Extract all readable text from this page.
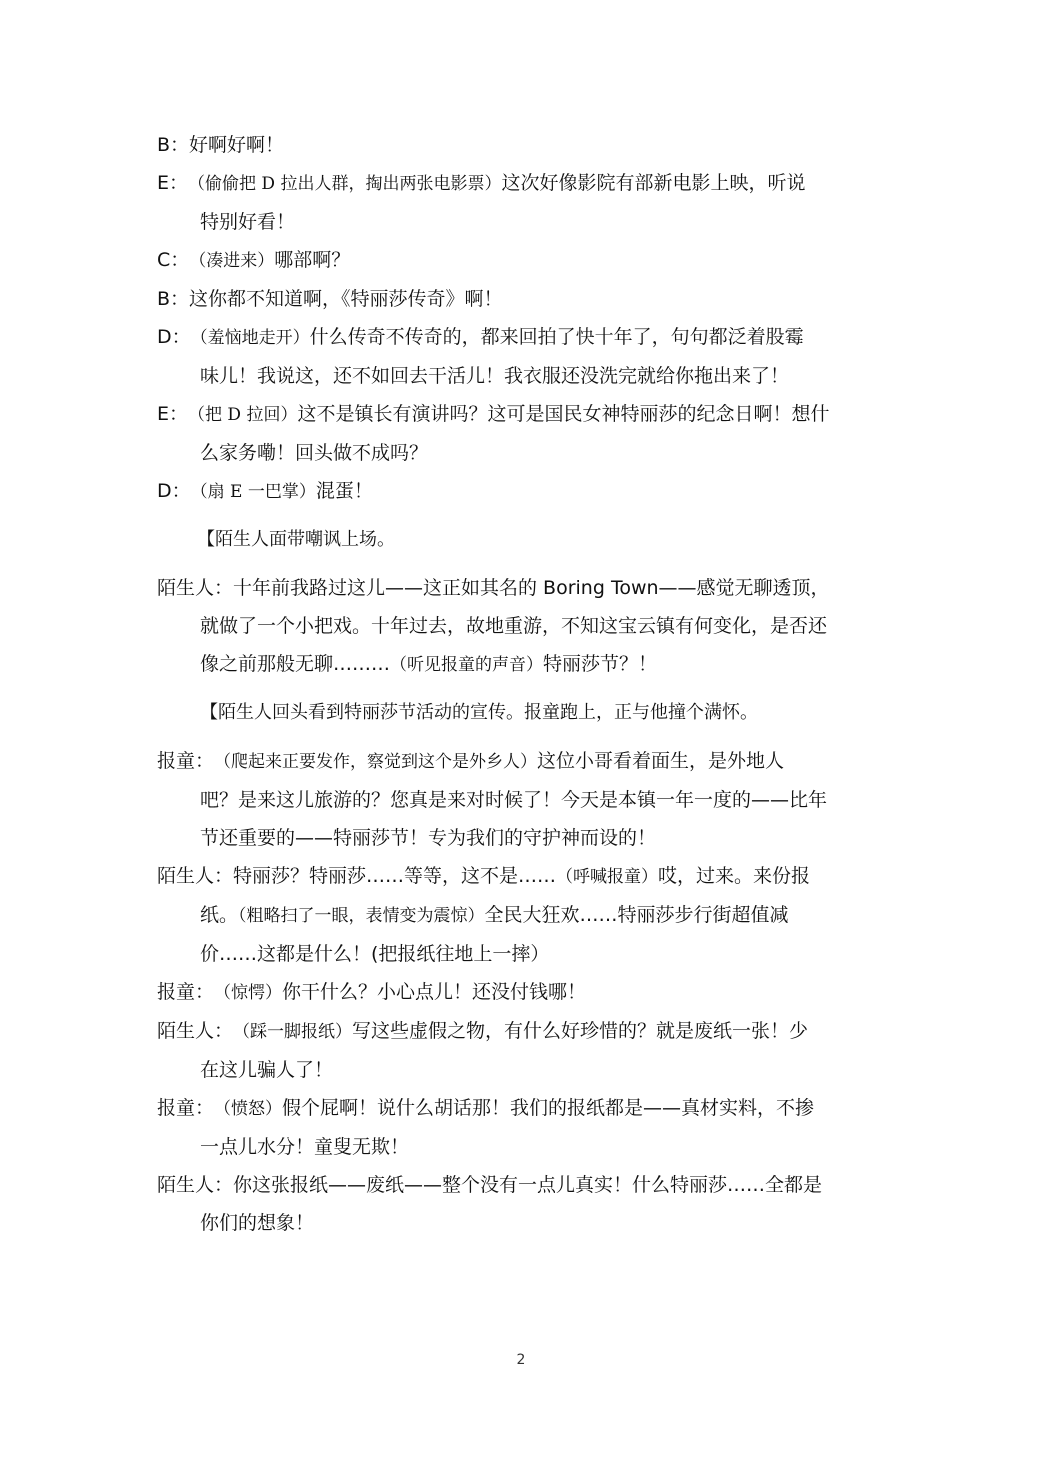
B：好啊好啊！
E：（偷偷把 D 拉出人群，掏出两张电影票）这次好像影院有部新电影上映，听说
特别好看！
C：（凑进来）哪部啊？
B：这你都不知道啊，《特丽莎传奇》啊！
D：（羞恼地走开）什么传奇不传奇的，都来回拍了快十年了，句句都泛着股霉
味儿！我说这，还不如回去干活儿！我衣服还没洗完就给你拖出来了！
E：（把 D 拉回）这不是镇长有演讲吗？这可是国民女神特丽莎的纪念日啊！想什
么家务嘞！回头做不成吗？
D：（扇 E 一巴掌）混蛋！
【陌生人面带嘲讽上场。
陌生人：十年前我路过这儿——这正如其名的 Boring Town——感觉无聊透顶，
就做了一个小把戏。十年过去，故地重游，不知这宝云镇有何变化，是否还
像之前那般无聊………（听见报童的声音）特丽莎节？！
【陌生人回头看到特丽莎节活动的宣传。报童跑上，正与他撞个满怀。
报童：（爬起来正要发作，察觉到这个是外乡人）这位小哥看着面生，是外地人
吧？是来这儿旅游的？您真是来对时候了！今天是本镇一年一度的——比年
节还重要的——特丽莎节！专为我们的守护神而设的！
陌生人：特丽莎？特丽莎……等等，这不是……（呼喊报童）哎，过来。来份报
纸。（粗略扫了一眼，表情变为震惊）全民大狂欢……特丽莎步行街超值减
价……这都是什么！(把报纸往地上一摔）
报童：（惊愕）你干什么？小心点儿！还没付钱哪！
陌生人：（踩一脚报纸）写这些虚假之物，有什么好珍惜的？就是废纸一张！少
在这儿骗人了！
报童：（愤怒）假个屁啊！说什么胡话那！我们的报纸都是——真材实料，不掺
一点儿水分！童叟无欺！
陌生人：你这张报纸——废纸——整个没有一点儿真实！什么特丽莎……全都是
你们的想象！
2
